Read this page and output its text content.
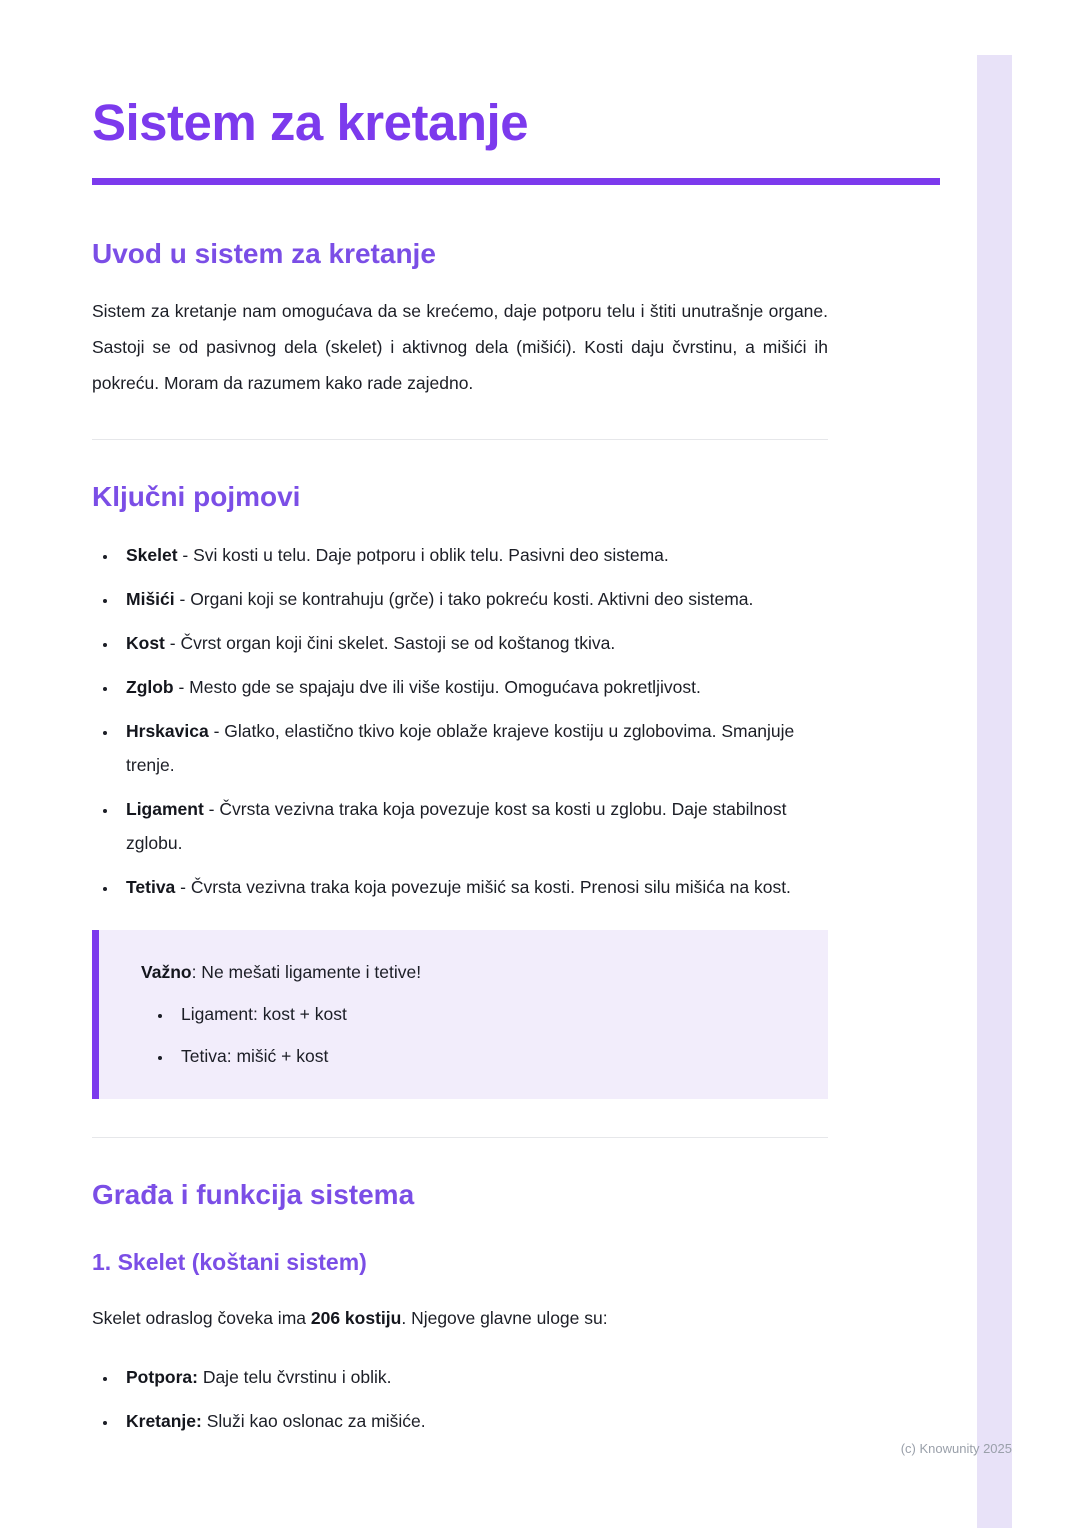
Sistem za kretanje
Uvod u sistem za kretanje

Sistem za kretanje nam omogućava da se krećemo, daje potporu telu i štiti unutrašnje organe. Sastoji se od pasivnog dela (skelet) i aktivnog dela (mišići). Kosti daju čvrstinu, a mišići ih pokreću. Moram da razumem kako rade zajedno.

Ključni pojmovi
• Skelet - Svi kosti u telu. Daje potporu i oblik telu. Pasivni deo sistema.
• Mišići - Organi koji se kontrahuju (grče) i tako pokreću kosti. Aktivni deo sistema.
• Kost - Čvrst organ koji čini skelet. Sastoji se od koštanog tkiva.
• Zglob - Mesto gde se spajaju dve ili više kostiju. Omogućava pokretljivost.
• Hrskavica - Glatko, elastično tkivo koje oblaže krajeve kostiju u zglobovima. Smanjuje trenje.
• Ligament - Čvrsta vezivna traka koja povezuje kost sa kosti u zglobu. Daje stabilnost zglobu.
• Tetiva - Čvrsta vezivna traka koja povezuje mišić sa kosti. Prenosi silu mišića na kost.

Važno: Ne mešati ligamente i tetive!

• Ligament: kost + kost
• Tetiva: mišić + kost
Građa i funkcija sistema
1. Skelet (koštani sistem)

Skelet odraslog čoveka ima 206 kostiju. Njegove glavne uloge su:

• Potpora: Daje telu čvrstinu i oblik.
• Kretanje: Služi kao oslonac za mišiće.
(c) Knowunity 2025
